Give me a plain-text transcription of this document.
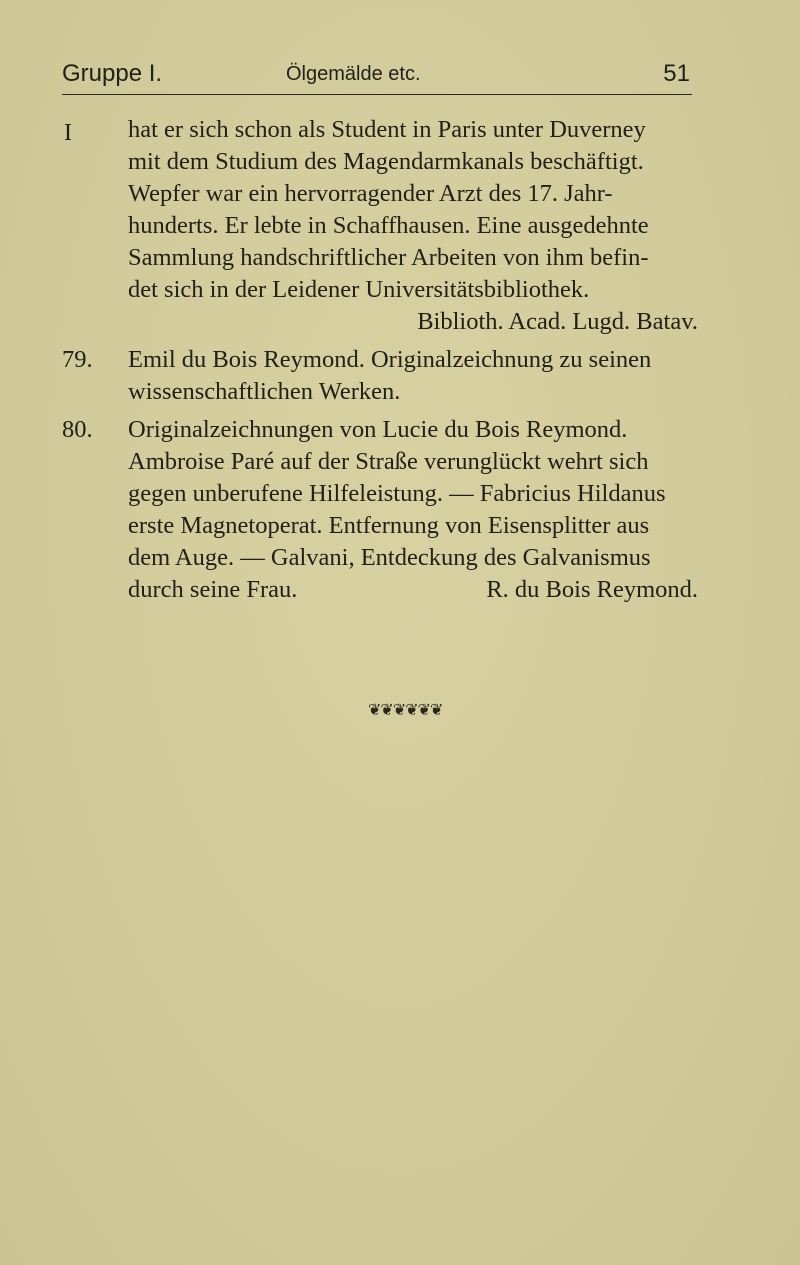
Gruppe I.	Ölgemälde etc.	51
I hat er sich schon als Student in Paris unter Duverney
mit dem Studium des Magendarmkanals beschäftigt.
Wepfer war ein hervorragender Arzt des 17. Jahr-
hunderts. Er lebte in Schaffhausen. Eine ausgedehnte
Sammlung handschriftlicher Arbeiten von ihm befin-
det sich in der Leidener Universitätsbibliothek.
Biblioth. Acad. Lugd. Batav.
79. Emil du Bois Reymond. Originalzeichnung zu seinen
wissenschaftlichen Werken.
80. Originalzeichnungen von Lucie du Bois Reymond.
Ambroise Paré auf der Straße verunglückt wehrt sich
gegen unberufene Hilfeleistung. — Fabricius Hildanus
erste Magnetoperat. Entfernung von Eisensplitter aus
dem Auge. — Galvani, Entdeckung des Galvanismus
durch seine Frau.	R. du Bois Reymond.
❦❦❦❦❦❦
